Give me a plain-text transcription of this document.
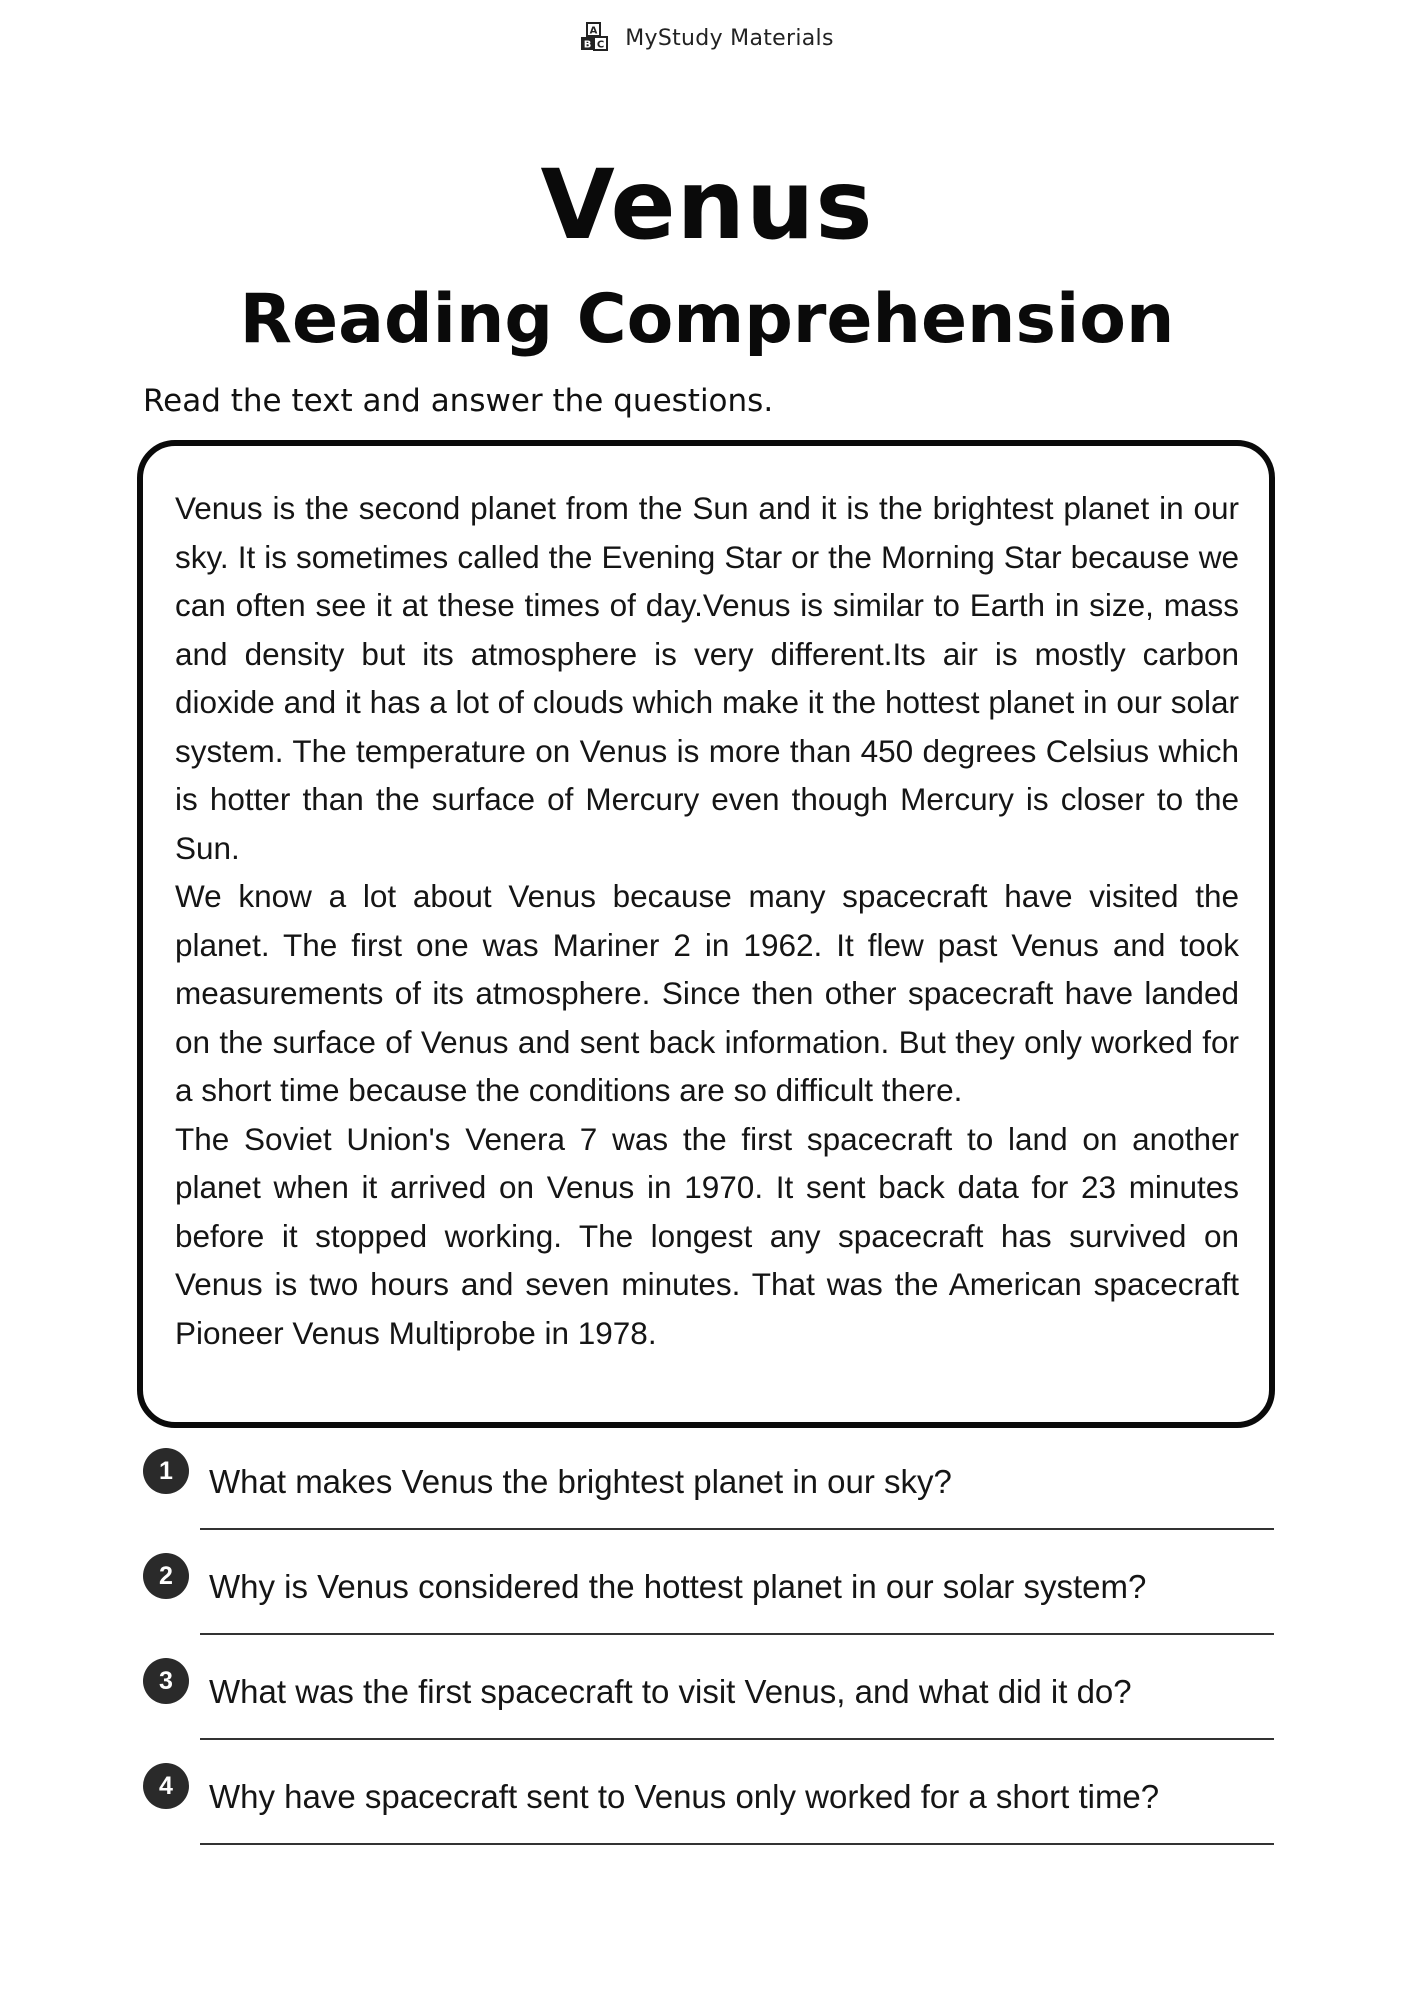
A
B C MyStudy Materials
Venus
Reading Comprehension
Read the text and answer the questions.

Venus is the second planet from the Sun and it is the brightest planet in our sky. It is sometimes called the Evening Star or the Morning Star because we can often see it at these times of day.Venus is similar to Earth in size, mass and density but its atmosphere is very different.Its air is mostly carbon dioxide and it has a lot of clouds which make it the hottest planet in our solar system. The temperature on Venus is more than 450 degrees Celsius which is hotter than the surface of Mercury even though Mercury is closer to the Sun.

We know a lot about Venus because many spacecraft have visited the planet. The first one was Mariner 2 in 1962. It flew past Venus and took measurements of its atmosphere. Since then other spacecraft have landed on the surface of Venus and sent back information. But they only worked for a short time because the conditions are so difficult there.

The Soviet Union's Venera 7 was the first spacecraft to land on another planet when it arrived on Venus in 1970. It sent back data for 23 minutes before it stopped working. The longest any spacecraft has survived on Venus is two hours and seven minutes. That was the American spacecraft Pioneer Venus Multiprobe in 1978.

1	What makes Venus the brightest planet in our sky?
2	Why is Venus considered the hottest planet in our solar system?
3	What was the first spacecraft to visit Venus, and what did it do?
4	Why have spacecraft sent to Venus only worked for a short time?
